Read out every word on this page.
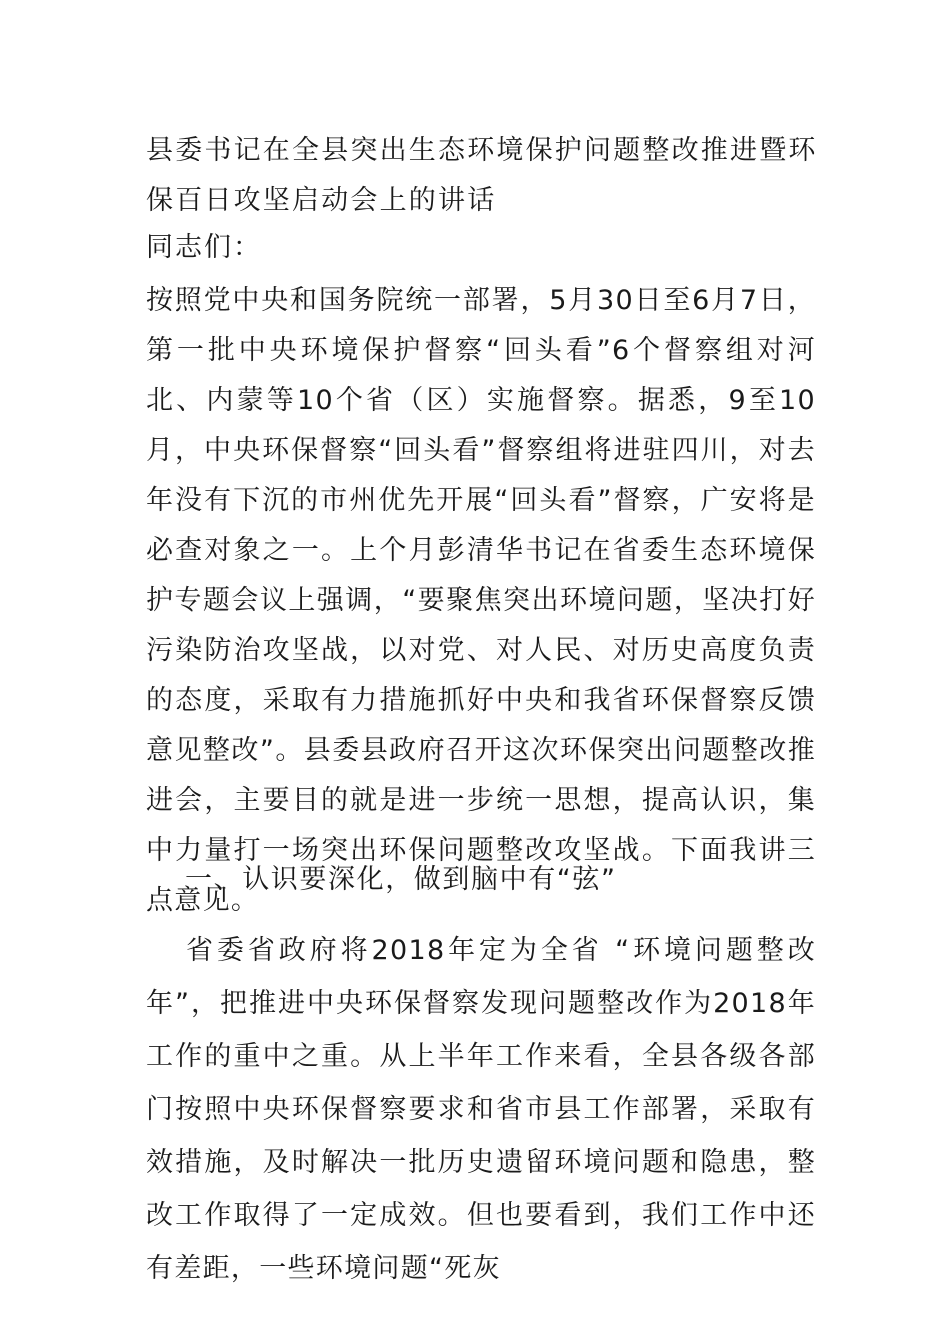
县委书记在全县突出生态环境保护问题整改推进暨环保百日攻坚启动会上的讲话
同志们：
按照党中央和国务院统一部署，5月30日至6月7日，第一批中央环境保护督察“回头看”6个督察组对河北、内蒙等10个省（区）实施督察。据悉，9至10月，中央环保督察“回头看”督察组将进驻四川，对去年没有下沉的市州优先开展“回头看”督察，广安将是必查对象之一。上个月彭清华书记在省委生态环境保护专题会议上强调，“要聚焦突出环境问题，坚决打好污染防治攻坚战，以对党、对人民、对历史高度负责的态度，采取有力措施抓好中央和我省环保督察反馈意见整改”。县委县政府召开这次环保突出问题整改推进会，主要目的就是进一步统一思想，提高认识，集中力量打一场突出环保问题整改攻坚战。下面我讲三点意见。
一、认识要深化，做到脑中有“弦”
省委省政府将2018年定为全省 “环境问题整改年”，把推进中央环保督察发现问题整改作为2018年工作的重中之重。从上半年工作来看，全县各级各部门按照中央环保督察要求和省市县工作部署，采取有效措施，及时解决一批历史遗留环境问题和隐患，整改工作取得了一定成效。但也要看到，我们工作中还有差距，一些环境问题“死灰
